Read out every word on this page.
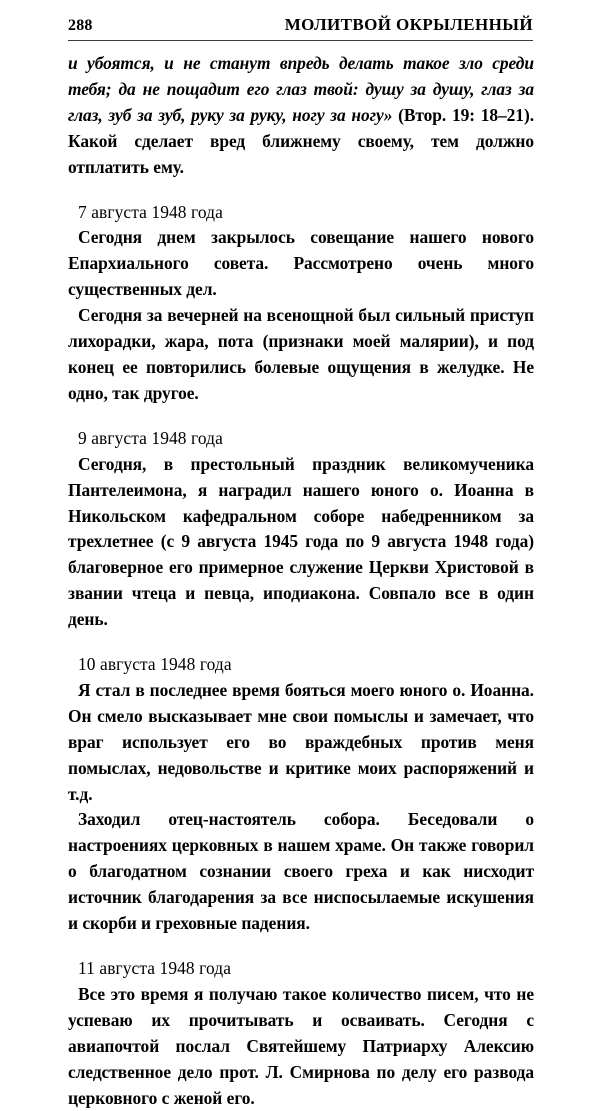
288	МОЛИТВОЙ ОКРЫЛЕННЫЙ

и убоятся, и не станут впредь делать такое зло среди тебя; да не пощадит его глаз твой: душу за душу, глаз за глаз, зуб за зуб, руку за руку, ногу за ногу» (Втор. 19: 18–21). Какой сделает вред ближнему своему, тем должно отплатить ему.

7 августа 1948 года

Сегодня днем закрылось совещание нашего нового Епархиального совета. Рассмотрено очень много существенных дел.

Сегодня за вечерней на всенощной был сильный приступ лихорадки, жара, пота (признаки моей малярии), и под конец ее повторились болевые ощущения в желудке. Не одно, так другое.

9 августа 1948 года

Сегодня, в престольный праздник великомученика Пантелеимона, я наградил нашего юного о. Иоанна в Никольском кафедральном соборе набедренником за трехлетнее (с 9 августа 1945 года по 9 августа 1948 года) благоверное его примерное служение Церкви Христовой в звании чтеца и певца, иподиакона. Совпало все в один день.

10 августа 1948 года

Я стал в последнее время бояться моего юного о. Иоанна. Он смело высказывает мне свои помыслы и замечает, что враг использует его во враждебных против меня помыслах, недовольстве и критике моих распоряжений и т.д.

Заходил отец-настоятель собора. Беседовали о настроениях церковных в нашем храме. Он также говорил о благодатном сознании своего греха и как нисходит источник благодарения за все ниспосылаемые искушения и скорби и греховные падения.

11 августа 1948 года

Все это время я получаю такое количество писем, что не успеваю их прочитывать и осваивать. Сегодня с авиапочтой послал Святейшему Патриарху Алексию следственное дело прот. Л. Смирнова по делу его развода церковного с женой его.
